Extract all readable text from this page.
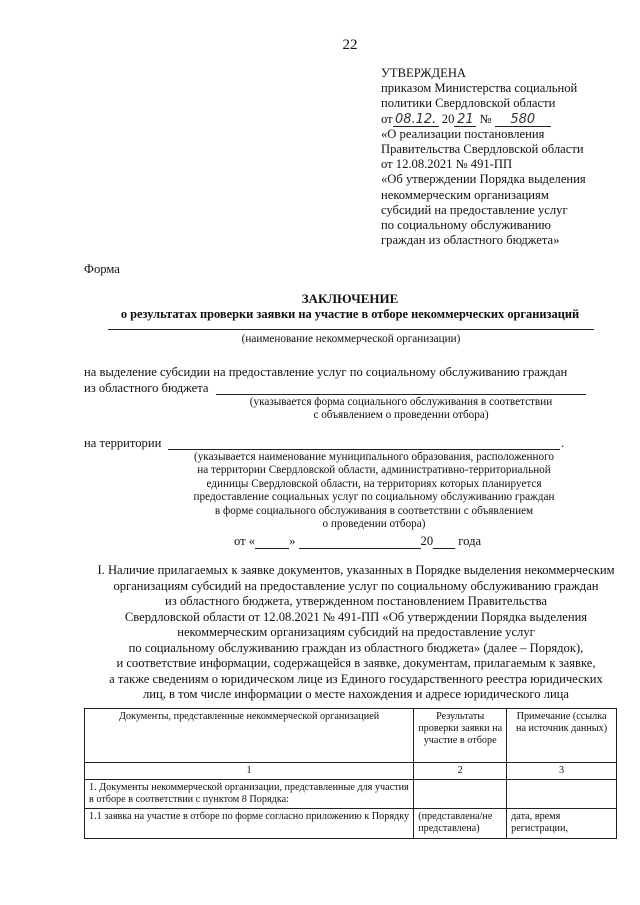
22
УТВЕРЖДЕНА
приказом Министерства социальной
политики Свердловской области
от 08.12. 20 21 № 580
«О реализации постановления
Правительства Свердловской области
от 12.08.2021 № 491-ПП
«Об утверждении Порядка выделения
некоммерческим организациям
субсидий на предоставление услуг
по социальному обслуживанию
граждан из областного бюджета»
Форма
ЗАКЛЮЧЕНИЕ
о результатах проверки заявки на участие в отборе некоммерческих организаций
(наименование некоммерческой организации)
на выделение субсидии на предоставление услуг по социальному обслуживанию граждан
из областного бюджета
(указывается форма социального обслуживания в соответствии
с объявлением о проведении отбора)
на территории	.
(указывается наименование муниципального образования, расположенного
на территории Свердловской области, административно-территориальной
единицы Свердловской области, на территориях которых планируется
предоставление социальных услуг по социальному обслуживанию граждан
в форме социального обслуживания в соответствии с объявлением
о проведении отбора)
от «	»	20 года
I. Наличие прилагаемых к заявке документов, указанных в Порядке выделения некоммерческим
организациям субсидий на предоставление услуг по социальному обслуживанию граждан
из областного бюджета, утвержденном постановлением Правительства
Свердловской области от 12.08.2021 № 491-ПП «Об утверждении Порядка выделения
некоммерческим организациям субсидий на предоставление услуг
по социальному обслуживанию граждан из областного бюджета» (далее – Порядок),
и соответствие информации, содержащейся в заявке, документам, прилагаемым к заявке,
а также сведениям о юридическом лице из Единого государственного реестра юридических
лиц, в том числе информации о месте нахождения и адресе юридического лица
Документы, представленные некоммерческой организацией	Результаты проверки заявки на участие в отборе	Примечание (ссылка на источник данных)
1	2	3
1. Документы некоммерческой организации, представленные для участия в отборе в соответствии с пунктом 8 Порядка:		
1.1 заявка на участие в отборе по форме согласно приложению к Порядку	(представлена/не представлена)	дата, время регистрации,
